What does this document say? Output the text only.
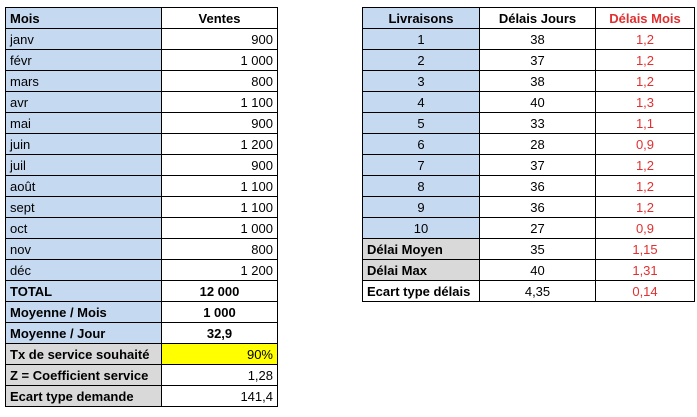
Mois	Ventes
janv	900
févr	1 000
mars	800
avr	1 100
mai	900
juin	1 200
juil	900
août	1 100
sept	1 100
oct	1 000
nov	800
déc	1 200
TOTAL	12 000
Moyenne / Mois	1 000
Moyenne / Jour	32,9
Tx de service souhaité	90%
Z = Coefficient service	1,28
Ecart type demande	141,4
Livraisons	Délais Jours	Délais Mois
1	38	1,2
2	37	1,2
3	38	1,2
4	40	1,3
5	33	1,1
6	28	0,9
7	37	1,2
8	36	1,2
9	36	1,2
10	27	0,9
Délai Moyen	35	1,15
Délai Max	40	1,31
Ecart type délais	4,35	0,14
